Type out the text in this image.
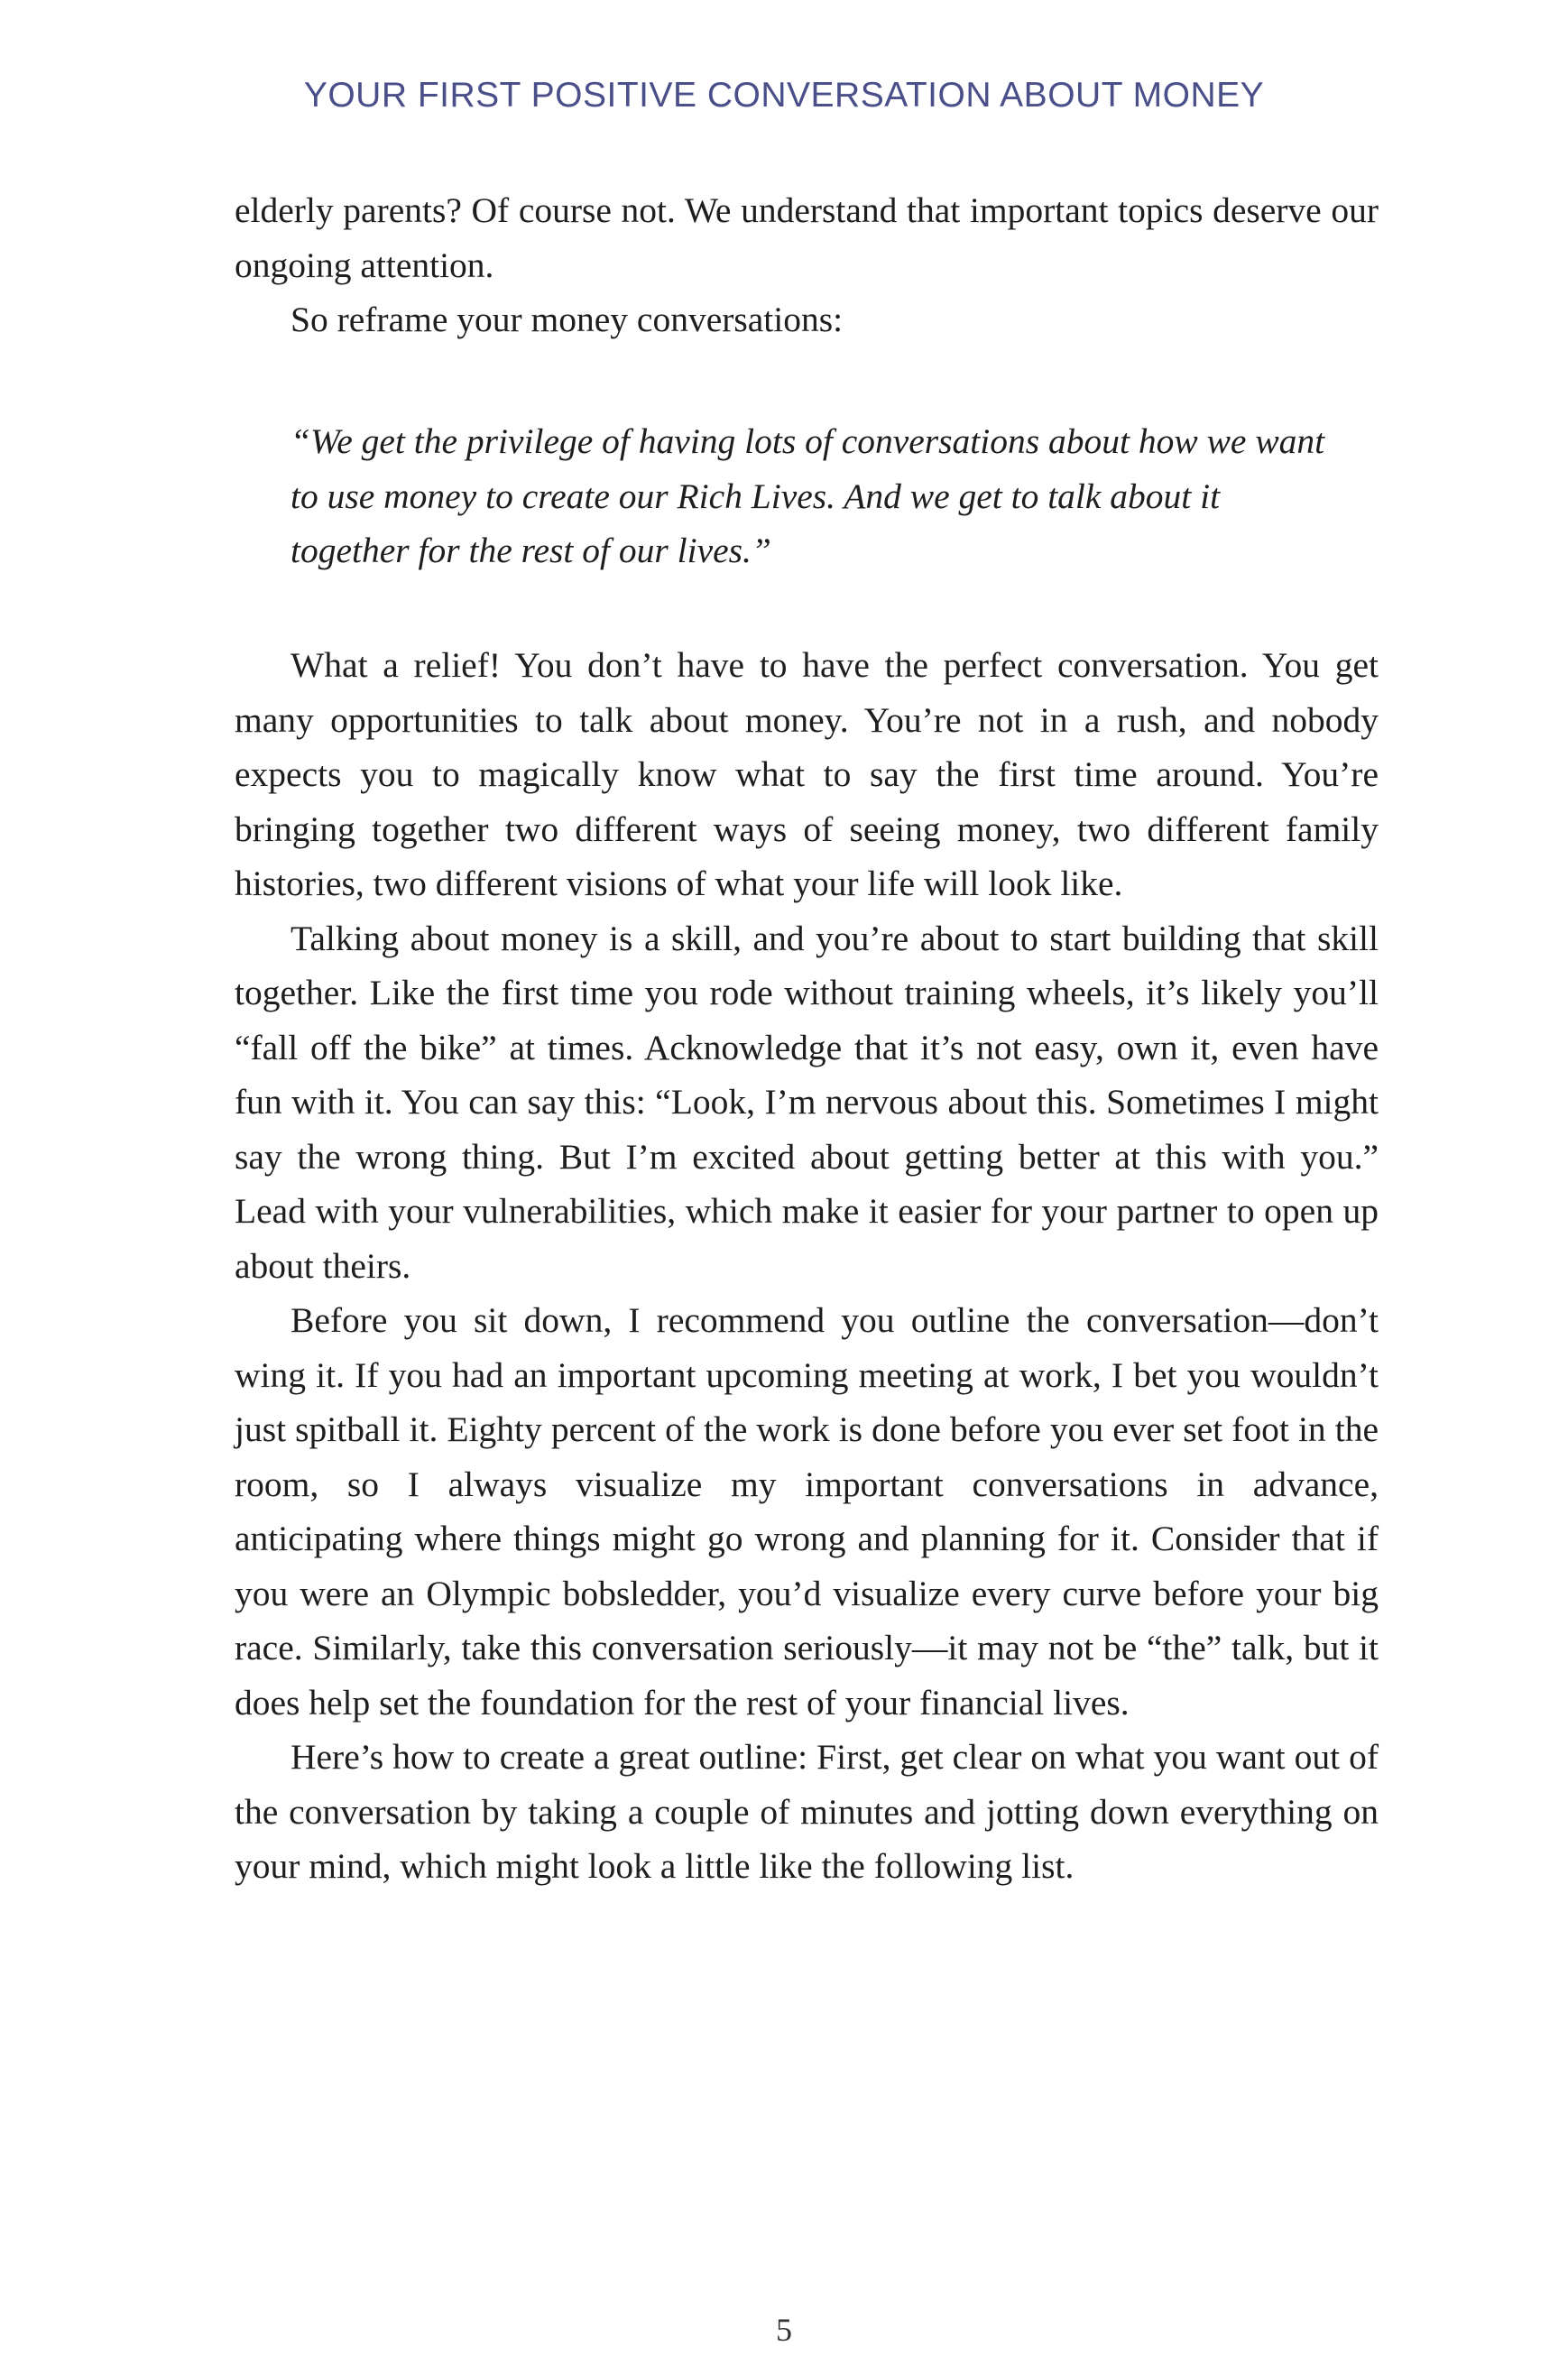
YOUR FIRST POSITIVE CONVERSATION ABOUT MONEY

elderly parents? Of course not. We understand that important topics deserve our ongoing attention.

So reframe your money conversations:

“We get the privilege of having lots of conversations about how we want to use money to create our Rich Lives. And we get to talk about it together for the rest of our lives.”

What a relief! You don’t have to have the perfect conversation. You get many opportunities to talk about money. You’re not in a rush, and nobody expects you to magically know what to say the first time around. You’re bringing together two different ways of seeing money, two different family histories, two different visions of what your life will look like.

Talking about money is a skill, and you’re about to start building that skill together. Like the first time you rode without training wheels, it’s likely you’ll “fall off the bike” at times. Acknowledge that it’s not easy, own it, even have fun with it. You can say this: “Look, I’m nervous about this. Sometimes I might say the wrong thing. But I’m excited about getting better at this with you.” Lead with your vulnerabilities, which make it easier for your partner to open up about theirs.

Before you sit down, I recommend you outline the conversation—don’t wing it. If you had an important upcoming meeting at work, I bet you wouldn’t just spitball it. Eighty percent of the work is done before you ever set foot in the room, so I always visualize my important conversations in advance, anticipating where things might go wrong and planning for it. Consider that if you were an Olympic bobsledder, you’d visualize every curve before your big race. Similarly, take this conversation seriously—it may not be “the” talk, but it does help set the foundation for the rest of your financial lives.

Here’s how to create a great outline: First, get clear on what you want out of the conversation by taking a couple of minutes and jotting down everything on your mind, which might look a little like the following list.

5
